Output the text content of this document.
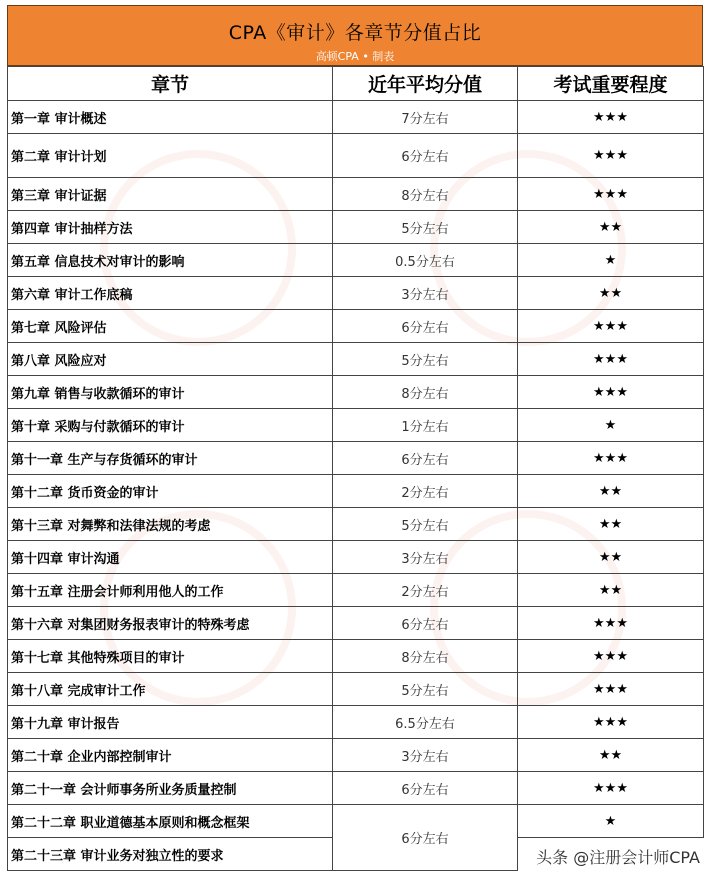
CPA《审计》各章节分值占比
高顿CPA • 制表
章节	近年平均分值	考试重要程度
第一章 审计概述	7分左右	★★★
第二章 审计计划	6分左右	★★★
第三章 审计证据	8分左右	★★★
第四章 审计抽样方法	5分左右	★★
第五章 信息技术对审计的影响	0.5分左右	★
第六章 审计工作底稿	3分左右	★★
第七章 风险评估	6分左右	★★★
第八章 风险应对	5分左右	★★★
第九章 销售与收款循环的审计	8分左右	★★★
第十章 采购与付款循环的审计	1分左右	★
第十一章 生产与存货循环的审计	6分左右	★★★
第十二章 货币资金的审计	2分左右	★★
第十三章 对舞弊和法律法规的考虑	5分左右	★★
第十四章 审计沟通	3分左右	★★
第十五章 注册会计师利用他人的工作	2分左右	★★
第十六章 对集团财务报表审计的特殊考虑	6分左右	★★★
第十七章 其他特殊项目的审计	8分左右	★★★
第十八章 完成审计工作	5分左右	★★★
第十九章 审计报告	6.5分左右	★★★
第二十章 企业内部控制审计	3分左右	★★
第二十一章 会计师事务所业务质量控制	6分左右	★★★
第二十二章 职业道德基本原则和概念框架	6分左右	★
第二十三章 审计业务对独立性的要求			头条 @注册会计师CPA
